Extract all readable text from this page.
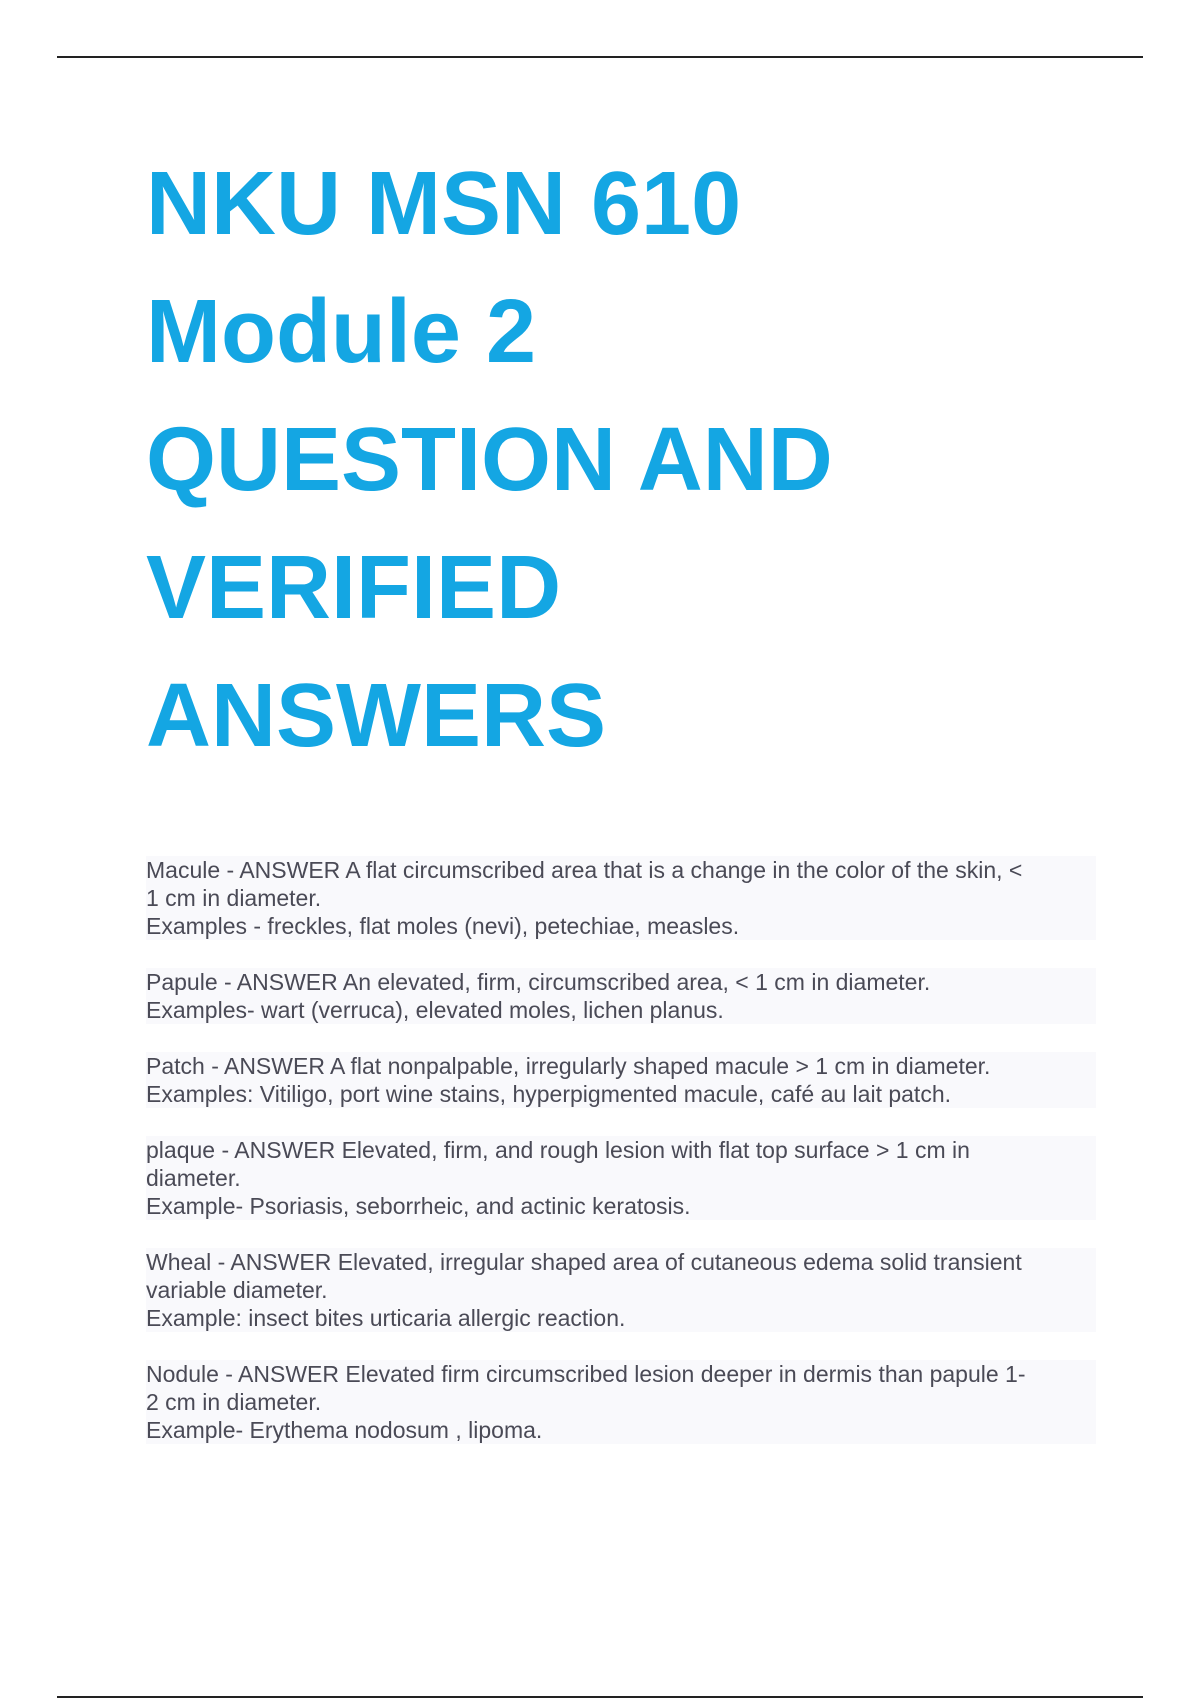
NKU MSN 610
Module 2
QUESTION AND
VERIFIED
ANSWERS
Macule - ANSWER A flat circumscribed area that is a change in the color of the skin, <
1 cm in diameter.
Examples - freckles, flat moles (nevi), petechiae, measles.
Papule - ANSWER An elevated, firm, circumscribed area, < 1 cm in diameter.
Examples- wart (verruca), elevated moles, lichen planus.
Patch - ANSWER A flat nonpalpable, irregularly shaped macule > 1 cm in diameter.
Examples: Vitiligo, port wine stains, hyperpigmented macule, café au lait patch.
plaque - ANSWER Elevated, firm, and rough lesion with flat top surface > 1 cm in
diameter.
Example- Psoriasis, seborrheic, and actinic keratosis.
Wheal - ANSWER Elevated, irregular shaped area of cutaneous edema solid transient
variable diameter.
Example: insect bites urticaria allergic reaction.
Nodule - ANSWER Elevated firm circumscribed lesion deeper in dermis than papule 1-
2 cm in diameter.
Example- Erythema nodosum , lipoma.
